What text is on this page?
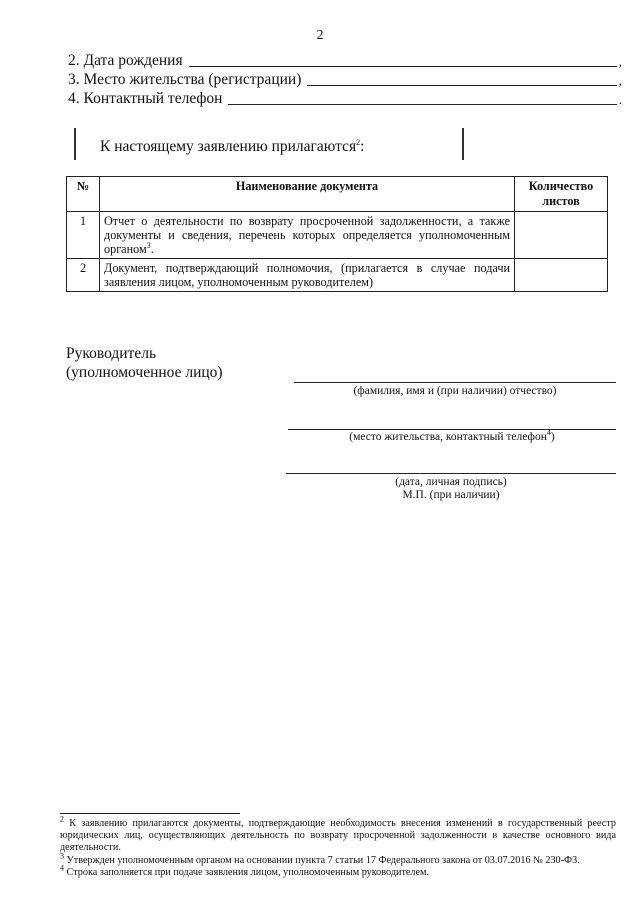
2
2. Дата рождения	,
3. Место жительства (регистрации)	,
4. Контактный телефон	.
К настоящему заявлению прилагаются$^2$:
№	Наименование документа	Количество листов
1	Отчет о деятельности по возврату просроченной задолженности, а также документы и сведения, перечень которых определяется уполномоченным органом$^3$.	
2	Документ, подтверждающий полномочия, (прилагается в случае подачи заявления лицом, уполномоченным руководителем)	
Руководитель
(уполномоченное лицо)
(фамилия, имя и (при наличии) отчество)
(место жительства, контактный телефон$^4$)
(дата, личная подпись)
М.П. (при наличии)

$^2$ К заявлению прилагаются документы, подтверждающие необходимость внесения изменений в государственный реестр юридических лиц, осуществляющих деятельность по возврату просроченной задолженности в качестве основного вида деятельности.

$^3$ Утвержден уполномоченным органом на основании пункта 7 статьи 17 Федерального закона от 03.07.2016 № 230-ФЗ.

$^4$ Строка заполняется при подаче заявления лицом, уполномоченным руководителем.
